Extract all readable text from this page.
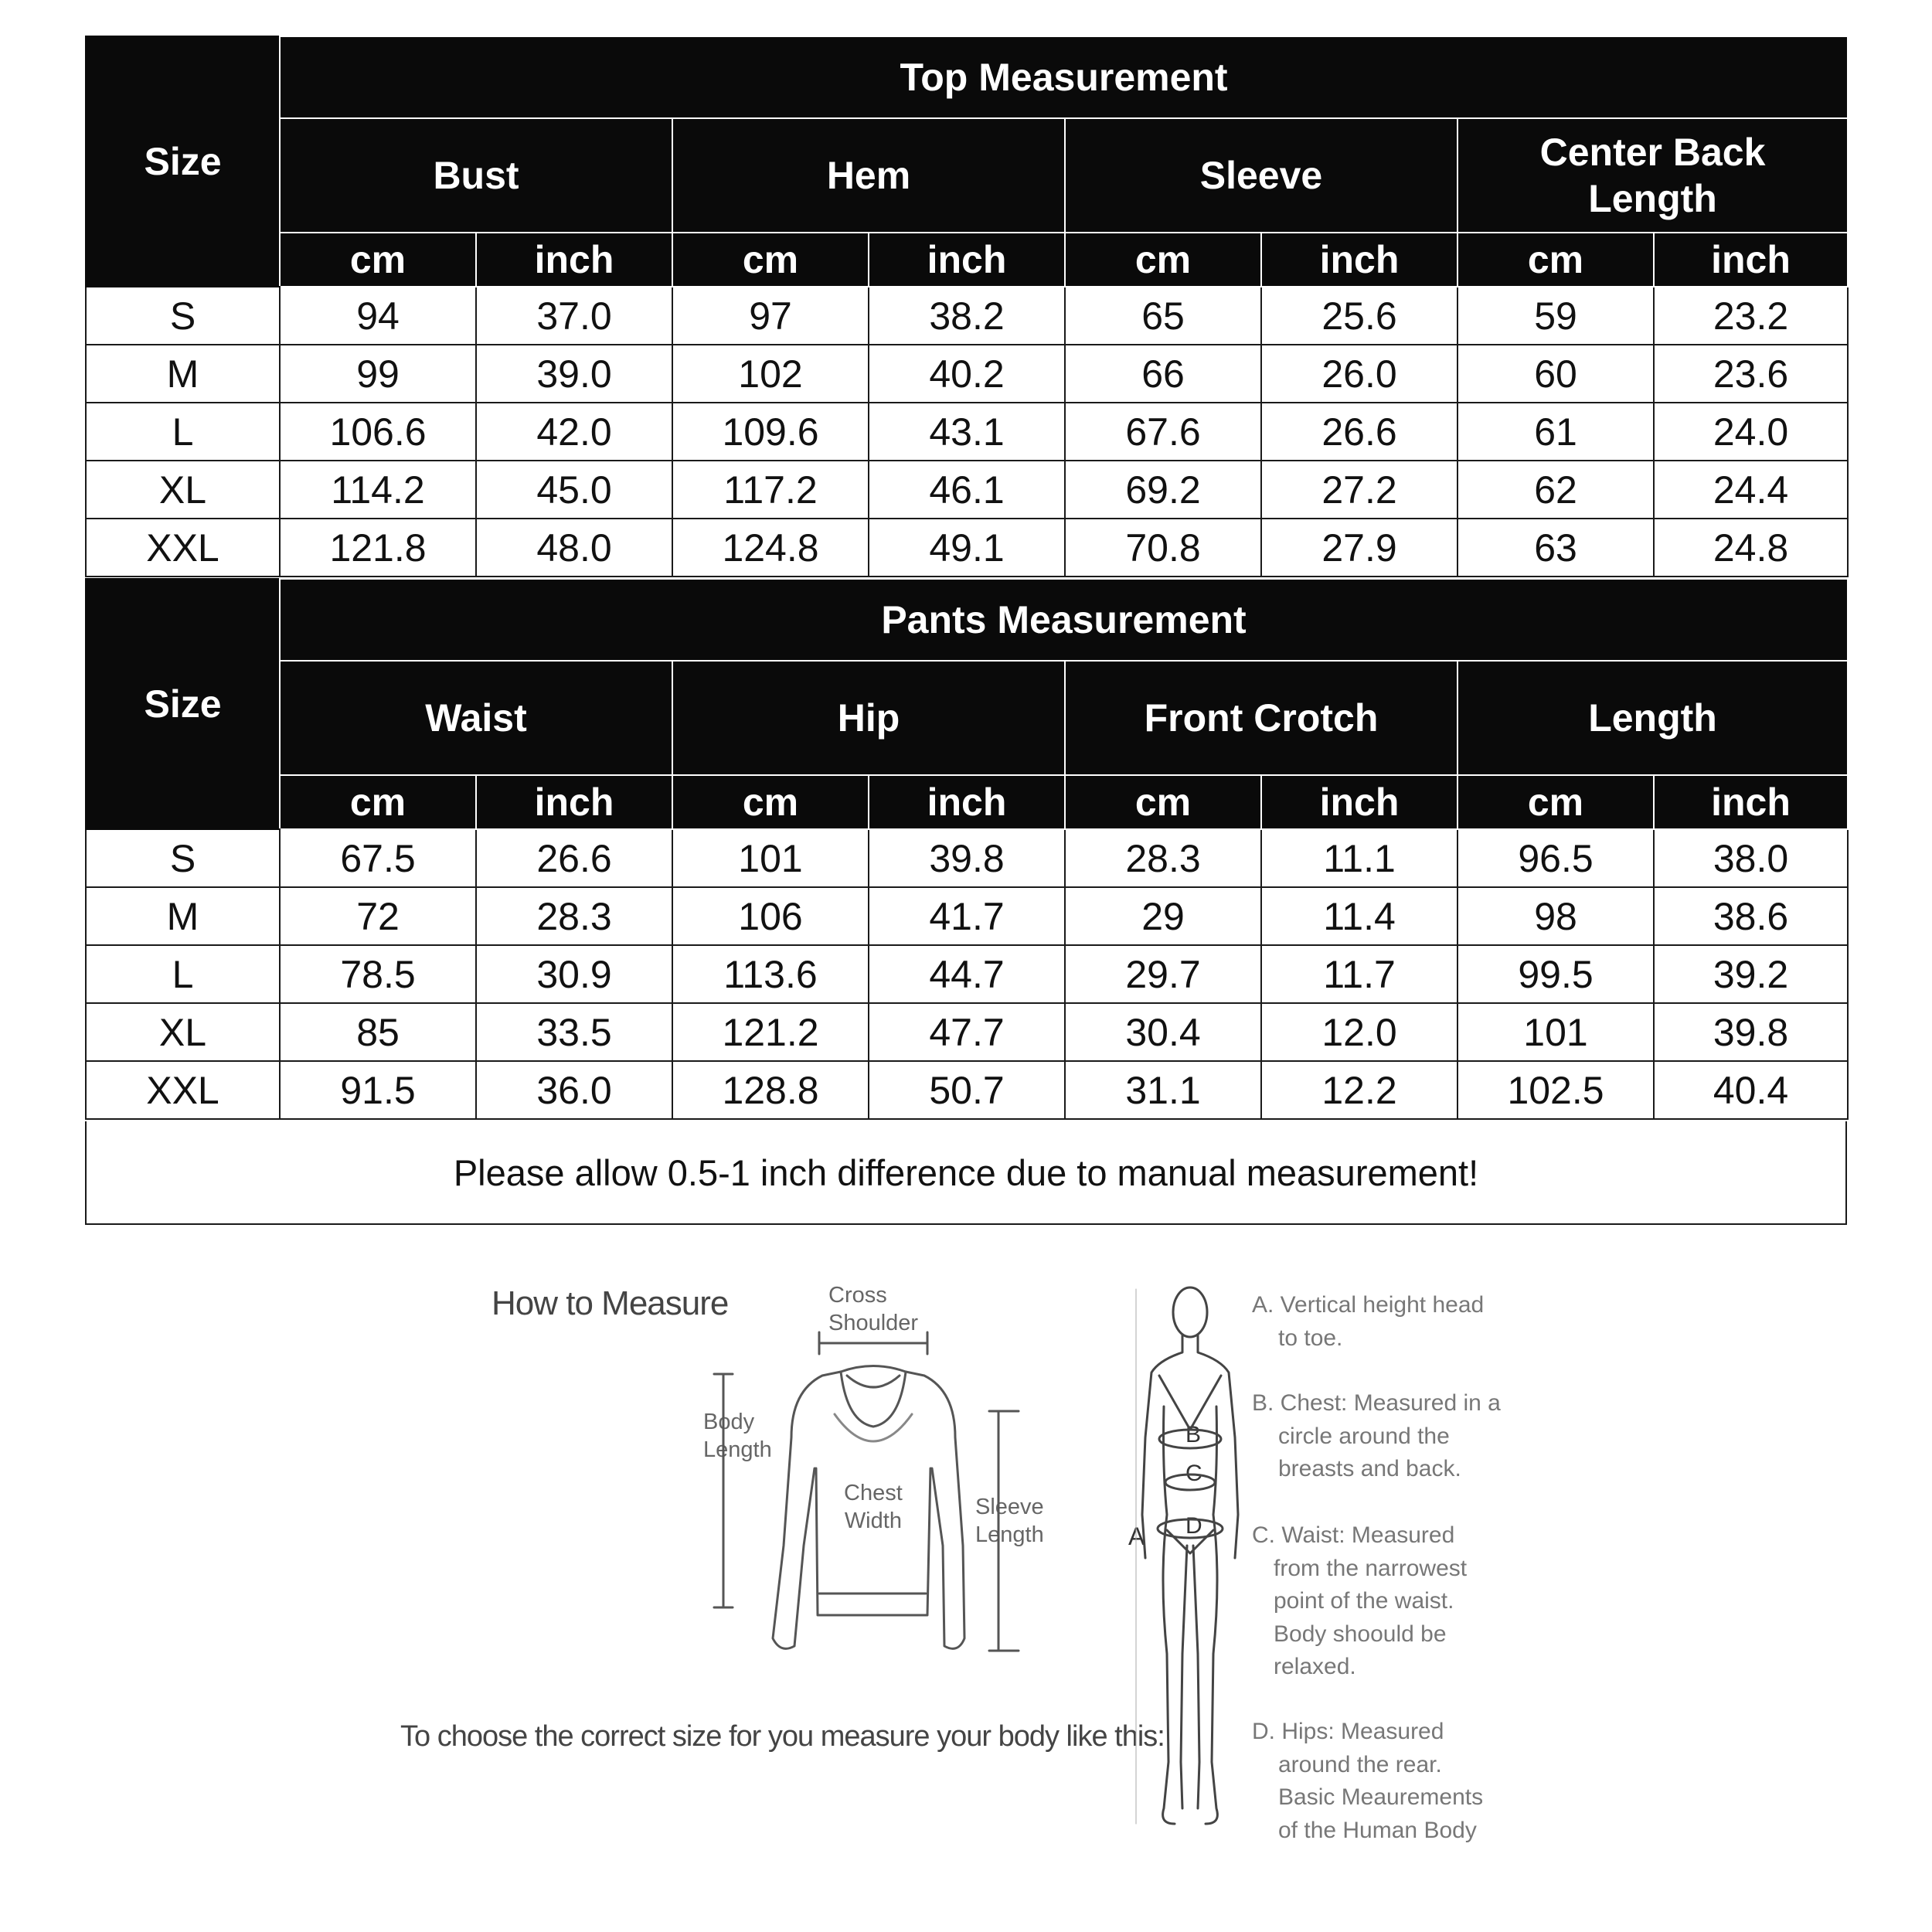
Size	Top Measurement							
	Bust		Hem		Sleeve		Center Back Length	
	cm	inch	cm	inch	cm	inch	cm	inch
S	94	37.0	97	38.2	65	25.6	59	23.2
M	99	39.0	102	40.2	66	26.0	60	23.6
L	106.6	42.0	109.6	43.1	67.6	26.6	61	24.0
XL	114.2	45.0	117.2	46.1	69.2	27.2	62	24.4
XXL	121.8	48.0	124.8	49.1	70.8	27.9	63	24.8
Size	Pants Measurement							
	Waist		Hip		Front Crotch		Length	
	cm	inch	cm	inch	cm	inch	cm	inch
S	67.5	26.6	101	39.8	28.3	11.1	96.5	38.0
M	72	28.3	106	41.7	29	11.4	98	38.6
L	78.5	30.9	113.6	44.7	29.7	11.7	99.5	39.2
XL	85	33.5	121.2	47.7	30.4	12.0	101	39.8
XXL	91.5	36.0	128.8	50.7	31.1	12.2	102.5	40.4
Please allow 0.5-1 inch difference due to manual measurement!
How to Measure
To choose the correct size for you measure your body like this:
Cross
Shoulder
Body
Length
Chest
Width
Sleeve
Length	A
B
C
D
A. Vertical height head
to toe.
B. Chest: Measured in a
circle around the
breasts and back.
C. Waist: Measured
from the narrowest
point of the waist.
Body shoould be
relaxed.
D. Hips: Measured
around the rear.
Basic Meaurements
of the Human Body
